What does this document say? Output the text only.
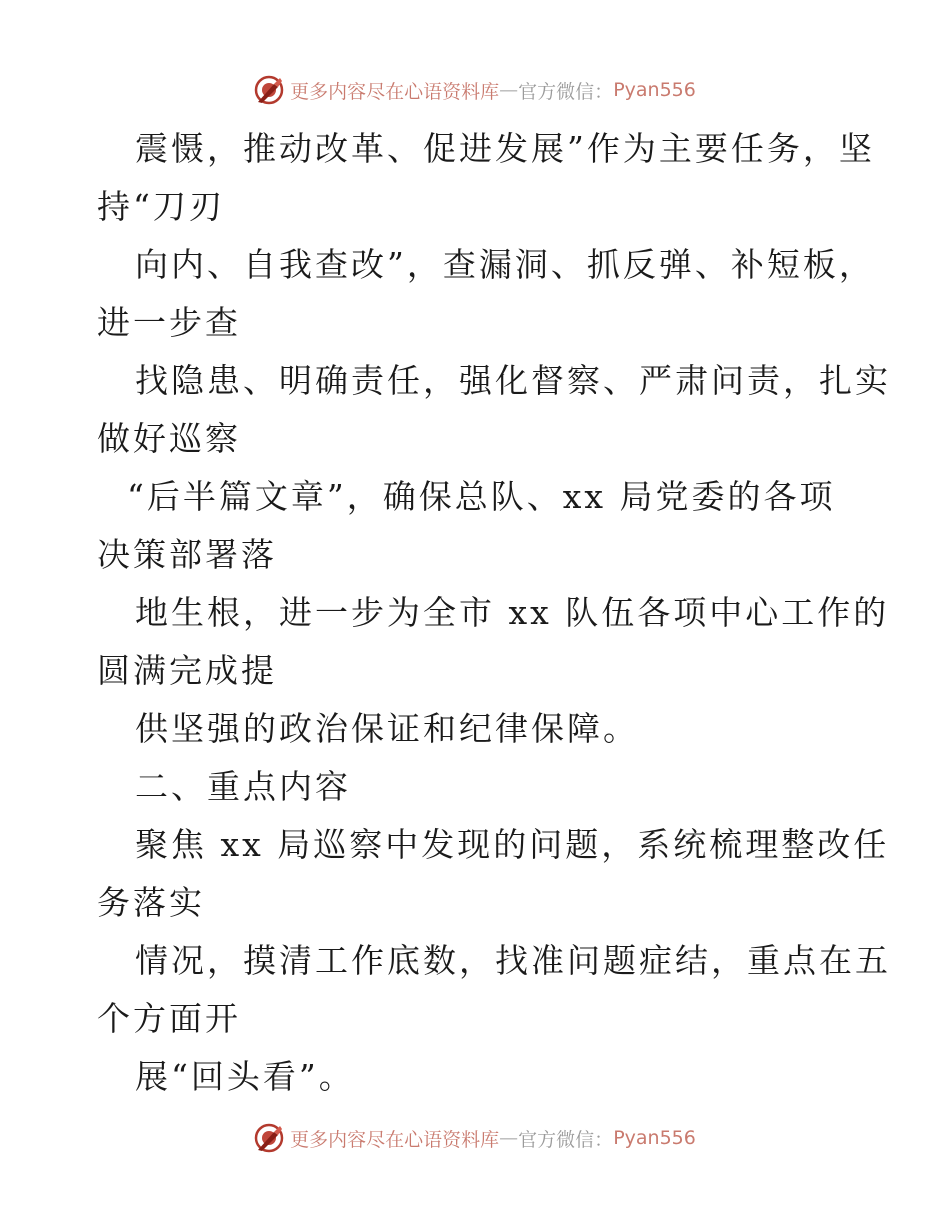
更多内容尽在心语资料库 — 官方微信： Pyan556
震慑，推动改革、促进发展”作为主要任务，坚
持“刀刃
向内、自我查改”，查漏洞、抓反弹、补短板，
进一步查
找隐患、明确责任，强化督察、严肃问责，扎实
做好巡察
“后半篇文章”，确保总队、xx 局党委的各项
决策部署落
地生根，进一步为全市 xx 队伍各项中心工作的
圆满完成提
供坚强的政治保证和纪律保障。
二、重点内容
聚焦 xx 局巡察中发现的问题，系统梳理整改任
务落实
情况，摸清工作底数，找准问题症结，重点在五
个方面开
展“回头看”。
更多内容尽在心语资料库 — 官方微信： Pyan556
